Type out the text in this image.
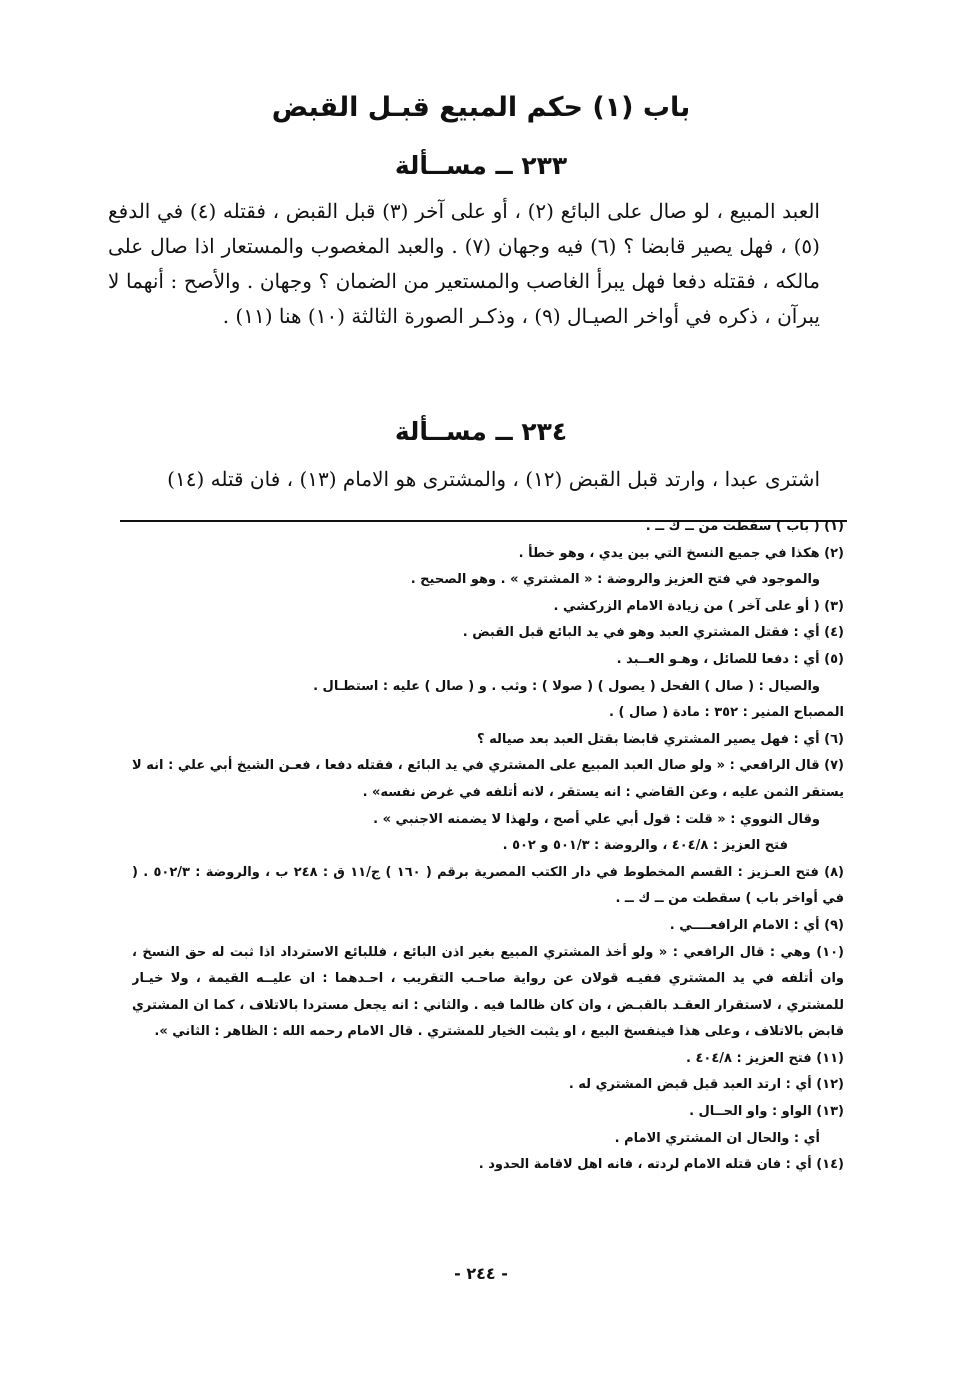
باب (١) حكم المبيع قبـل القبض
٢٣٣ ــ مســألة

العبد المبيع ، لو صال على البائع (٢) ، أو على آخر (٣) قبل القبض ، فقتله (٤) في الدفع (٥) ، فهل يصير قابضا ؟ (٦) فيه وجهان (٧) . والعبد المغصوب والمستعار اذا صال على مالكه ، فقتله دفعا فهل يبرأ الغاصب والمستعير من الضمان ؟ وجهان . والأصح : أنهما لا يبرآن ، ذكره في أواخر الصيـال (٩) ، وذكـر الصورة الثالثة (١٠) هنا (١١) .

٢٣٤ ــ مســألة

اشترى عبدا ، وارتد قبل القبض (١٢) ، والمشترى هو الامام (١٣) ، فان قتله (١٤)

(١) ( باب ) سقطت من ــ ك ــ .

(٢) هكذا في جميع النسخ التي بين يدي ، وهو خطأ .

والموجود في فتح العزيز والروضة : « المشتري » . وهو الصحيح .

(٣) ( أو على آخر ) من زيادة الامام الزركشي .

(٤) أي : فقتل المشتري العبد وهو في يد البائع قبل القبض .

(٥) أي : دفعا للصائل ، وهـو العــبد .

والصيال : ( صال ) الفحل ( يصول ) ( صولا ) : وثب . و ( صال ) عليه : استطـال .

المصباح المنير : ٣٥٢ : مادة ( صال ) .

(٦) أي : فهل يصير المشتري قابضا بقتل العبد بعد صياله ؟

(٧) قال الرافعي : « ولو صال العبد المبيع على المشتري في يد البائع ، فقتله دفعا ، فعـن الشيخ أبي علي : انه لا يستقر الثمن عليه ، وعن القاضي : انه يستقر ، لانه أتلفه في غرض نفسه» .

وقال النووي : « قلت : قول أبي علي أصح ، ولهذا لا يضمنه الاجنبي » .

فتح العزيز : ٤٠٤/٨ ، والروضة : ٥٠١/٣ و ٥٠٢ .

(٨) فتح العـزيز : القسم المخطوط في دار الكتب المصرية برقم ( ١٦٠ ) ج/١١ ق : ٢٤٨ ب ، والروضة : ٥٠٢/٣ . ( في أواخر باب ) سقطت من ــ ك ــ .

(٩) أي : الامام الرافعــــي .

(١٠) وهي : قال الرافعي : « ولو أخذ المشتري المبيع بغير اذن البائع ، فللبائع الاسترداد اذا ثبت له حق النسخ ، وان أتلفه في يد المشتري ففيـه قولان عن رواية صاحـب التقريب ، احـدهما : ان عليــه القيمة ، ولا خيـار للمشتري ، لاستقرار العقـد بالقبـض ، وان كان ظالما فيه . والثاني : انه يجعل مستردا بالاتلاف ، كما ان المشتري قابض بالاتلاف ، وعلى هذا فينفسخ البيع ، او يثبت الخيار للمشتري . قال الامام رحمه الله : الظاهر : الثاني ».

(١١) فتح العزيز : ٤٠٤/٨ .

(١٢) أي : ارتد العبد قبل قبض المشتري له .

(١٣) الواو : واو الحــال .

أي : والحال ان المشتري الامام .

(١٤) أي : فان قتله الامام لردته ، فانه اهل لاقامة الحدود .

- ٢٤٤ -
